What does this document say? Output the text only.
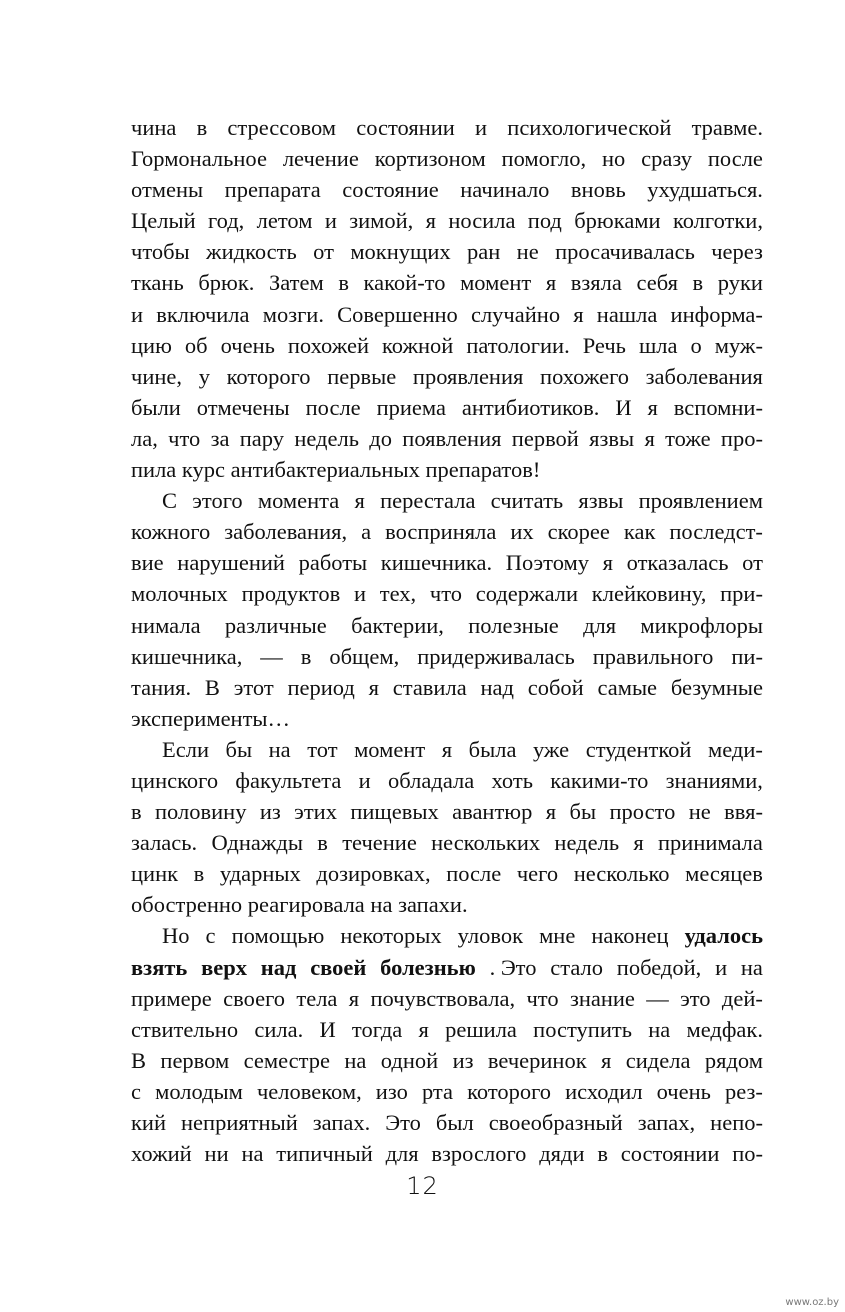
чина в стрессовом состоянии и психологической травме.
Гормональное лечение кортизоном помогло, но сразу после
отмены препарата состояние начинало вновь ухудшаться.
Целый год, летом и зимой, я носила под брюками колготки,
чтобы жидкость от мокнущих ран не просачивалась через
ткань брюк. Затем в какой-то момент я взяла себя в руки
и включила мозги. Совершенно случайно я нашла информа-
цию об очень похожей кожной патологии. Речь шла о муж-
чине, у которого первые проявления похожего заболевания
были отмечены после приема антибиотиков. И я вспомни-
ла, что за пару недель до появления первой язвы я тоже про-
пила курс антибактериальных препаратов!
С этого момента я перестала считать язвы проявлением
кожного заболевания, а восприняла их скорее как последст-
вие нарушений работы кишечника. Поэтому я отказалась от
молочных продуктов и тех, что содержали клейковину, при-
нимала различные бактерии, полезные для микрофлоры
кишечника, — в общем, придерживалась правильного пи-
тания. В этот период я ставила над собой самые безумные
эксперименты…
Если бы на тот момент я была уже студенткой меди-
цинского факультета и обладала хоть какими-то знаниями,
в половину из этих пищевых авантюр я бы просто не ввя-
залась. Однажды в течение нескольких недель я принимала
цинк в ударных дозировках, после чего несколько месяцев
обостренно реагировала на запахи.
Но с помощью некоторых уловок мне наконец удалось
взять верх над своей болезнью . Это стало победой, и на
примере своего тела я почувствовала, что знание — это дей-
ствительно сила. И тогда я решила поступить на медфак.
В первом семестре на одной из вечеринок я сидела рядом
с молодым человеком, изо рта которого исходил очень рез-
кий неприятный запах. Это был своеобразный запах, непо-
хожий ни на типичный для взрослого дяди в состоянии по-
12
www.oz.by
